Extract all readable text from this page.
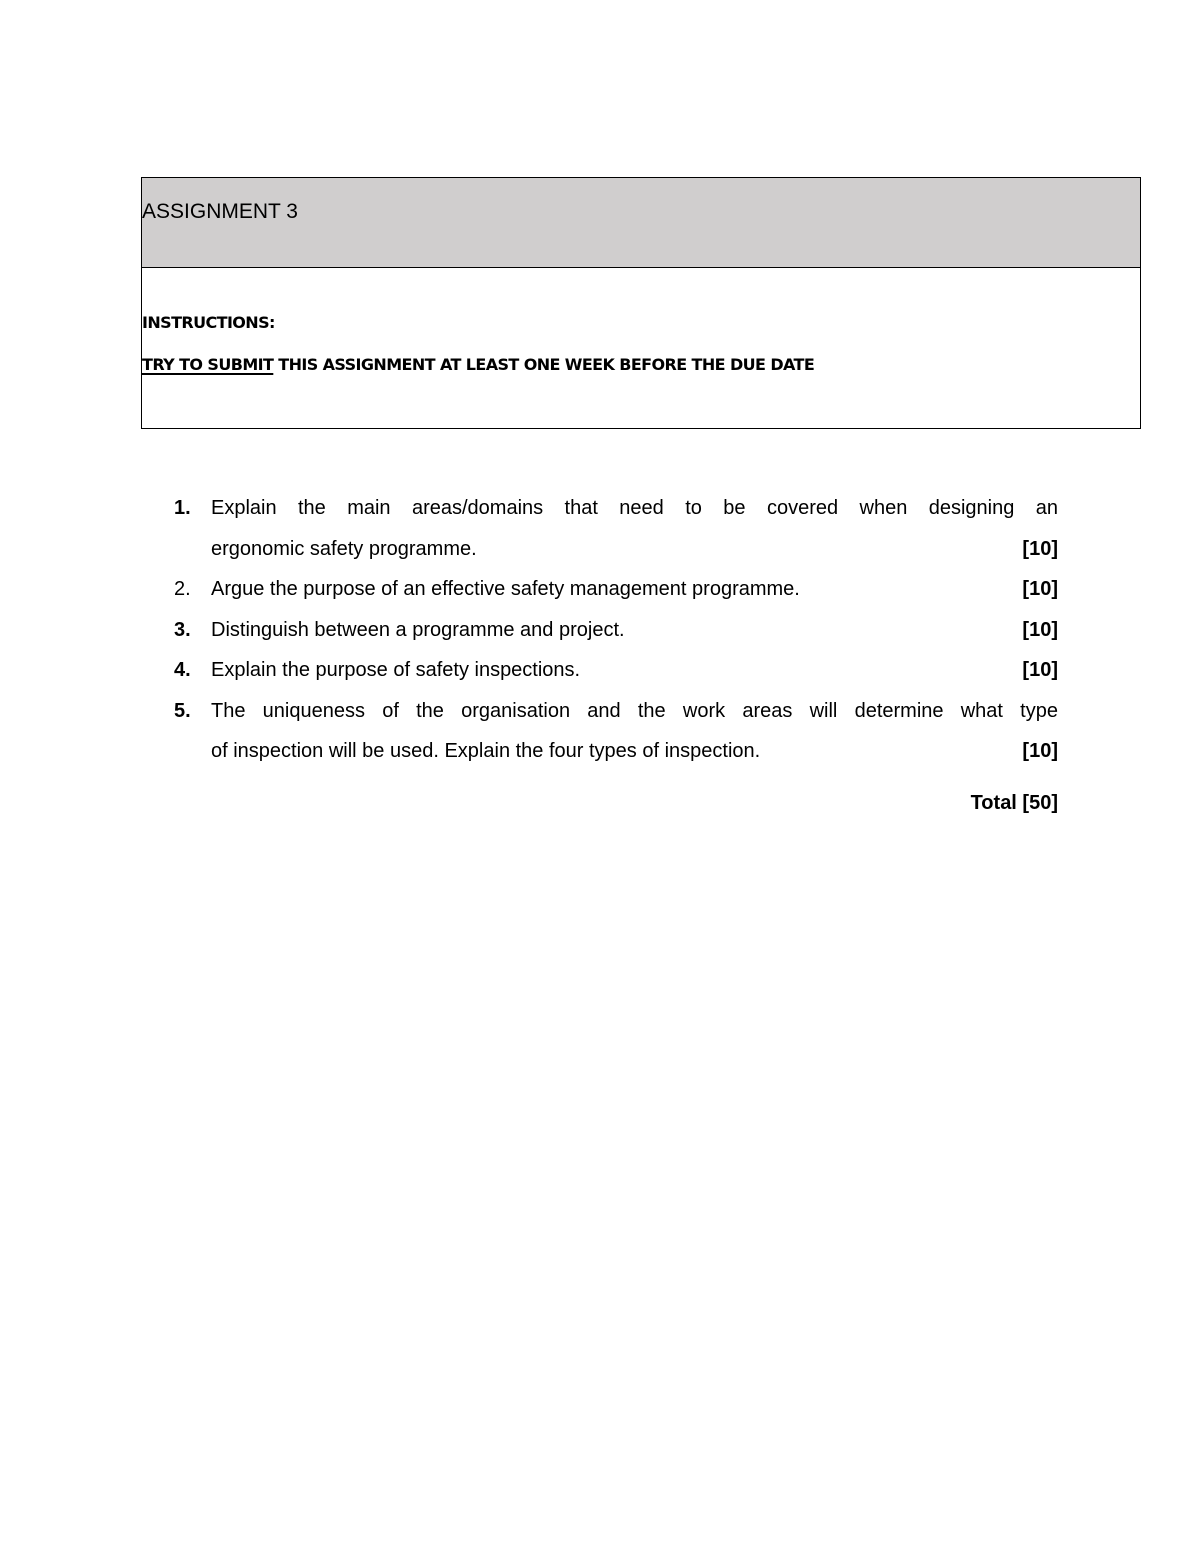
ASSIGNMENT 3
INSTRUCTIONS:
TRY TO SUBMIT THIS ASSIGNMENT AT LEAST ONE WEEK BEFORE THE DUE DATE
1. Explain the main areas/domains that need to be covered when designing an
ergonomic safety programme.	[10]
2. Argue the purpose of an effective safety management programme.	[10]
3. Distinguish between a programme and project.	[10]
4. Explain the purpose of safety inspections.	[10]
5. The uniqueness of the organisation and the work areas will determine what type
of inspection will be used. Explain the four types of inspection.	[10]
Total [50]
